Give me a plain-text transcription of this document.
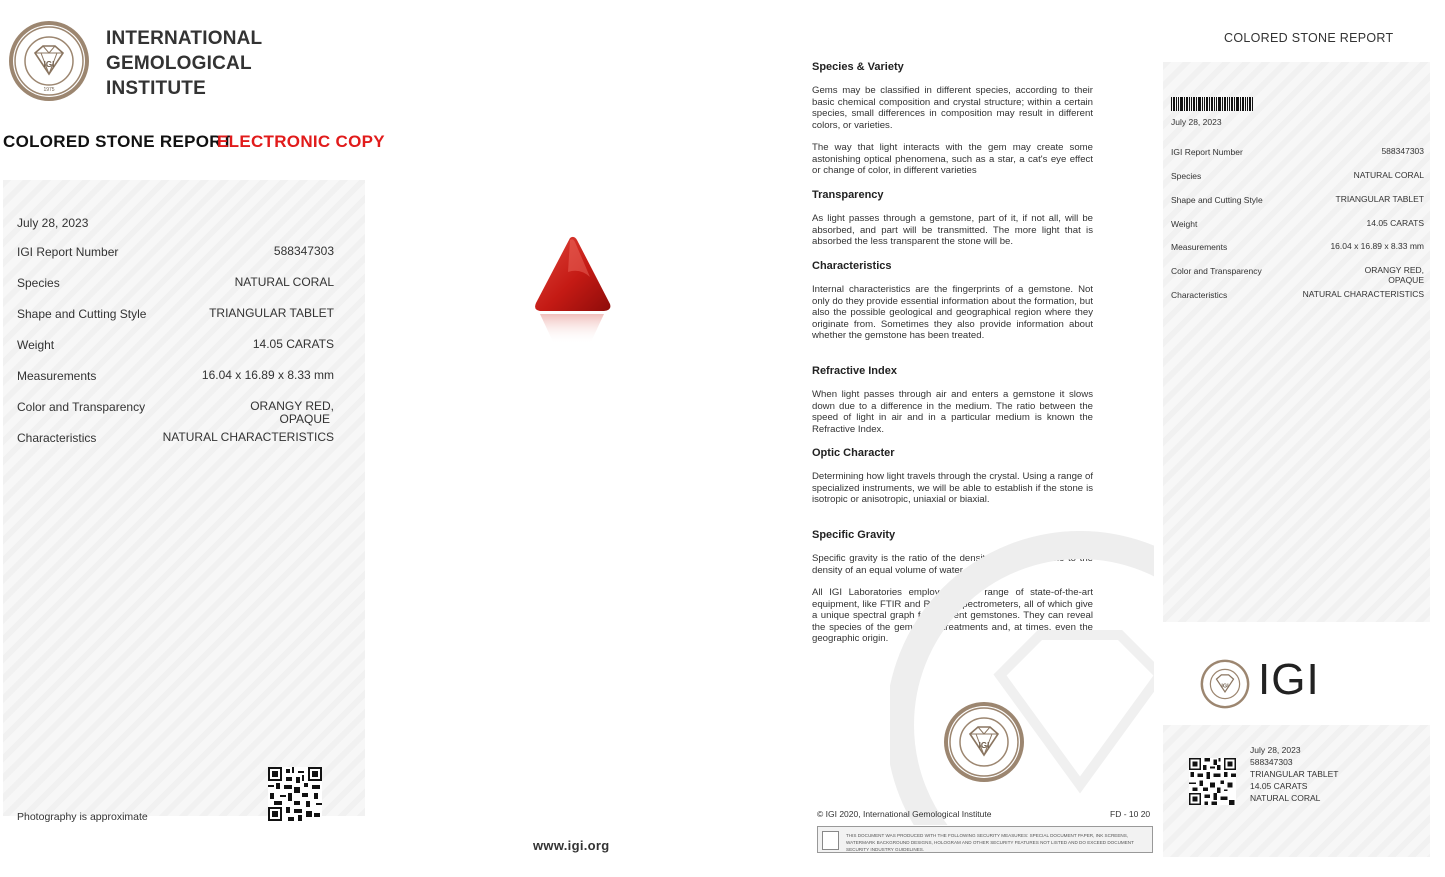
IGI
1975
INTERNATIONAL
GEMOLOGICAL
INSTITUTE
COLORED STONE REPORT
ELECTRONIC COPY
July 28, 2023
IGI Report Number	588347303
Species	NATURAL CORAL
Shape and Cutting Style	TRIANGULAR TABLET
Weight	14.05 CARATS
Measurements	16.04 x 16.89 x 8.33 mm
Color and Transparency	ORANGY RED,
OPAQUE
Characteristics	NATURAL CHARACTERISTICS
Photography is approximate
www.igi.org
Species & Variety
Gems may be classified in different species, according to their basic chemical composition and crystal structure; within a certain species, small differences in composition may result in different colors, or varieties.
The way that light interacts with the gem may create some astonishing optical phenomena, such as a star, a cat's eye effect or change of color, in different varieties
Transparency
As light passes through a gemstone, part of it, if not all, will be absorbed, and part will be transmitted. The more light that is absorbed the less transparent the stone will be.
Characteristics
Internal characteristics are the fingerprints of a gemstone. Not only do they provide essential information about the formation, but also the possible geological and geographical region where they originate from. Sometimes they also provide information about whether the gemstone has been treated.
Refractive Index
When light passes through air and enters a gemstone it slows down due to a difference in the medium. The ratio between the speed of light in air and in a particular medium is known the Refractive Index.
Optic Character
Determining how light travels through the crystal. Using a range of specialized instruments, we will be able to establish if the stone is isotropic or anisotropic, uniaxial or biaxial.
Specific Gravity
Specific gravity is the ratio of the density of the gemstone to the density of an equal volume of water.
All IGI Laboratories employ a wide range of state-of-the-art equipment, like FTIR and Raman spectrometers, all of which give a unique spectral graph for different gemstones. They can reveal the species of the gemstone, treatments and, at times, even the geographic origin.
IGI
© IGI 2020, International Gemological Institute	FD - 10 20
THIS DOCUMENT WAS PRODUCED WITH THE FOLLOWING SECURITY MEASURES: SPECIAL DOCUMENT PAPER, INK SCREENS, WATERMARK BACKGROUND DESIGNS, HOLOGRAM AND OTHER SECURITY FEATURES NOT LISTED AND DO EXCEED DOCUMENT SECURITY INDUSTRY GUIDELINES.
COLORED STONE REPORT
July 28, 2023
IGI Report Number	588347303
Species	NATURAL CORAL
Shape and Cutting Style	TRIANGULAR TABLET
Weight	14.05 CARATS
Measurements	16.04 x 16.89 x 8.33 mm
Color and Transparency	ORANGY RED,
OPAQUE
Characteristics	NATURAL CHARACTERISTICS
IGI IGI
July 28, 2023
588347303
TRIANGULAR TABLET
14.05 CARATS
NATURAL CORAL
